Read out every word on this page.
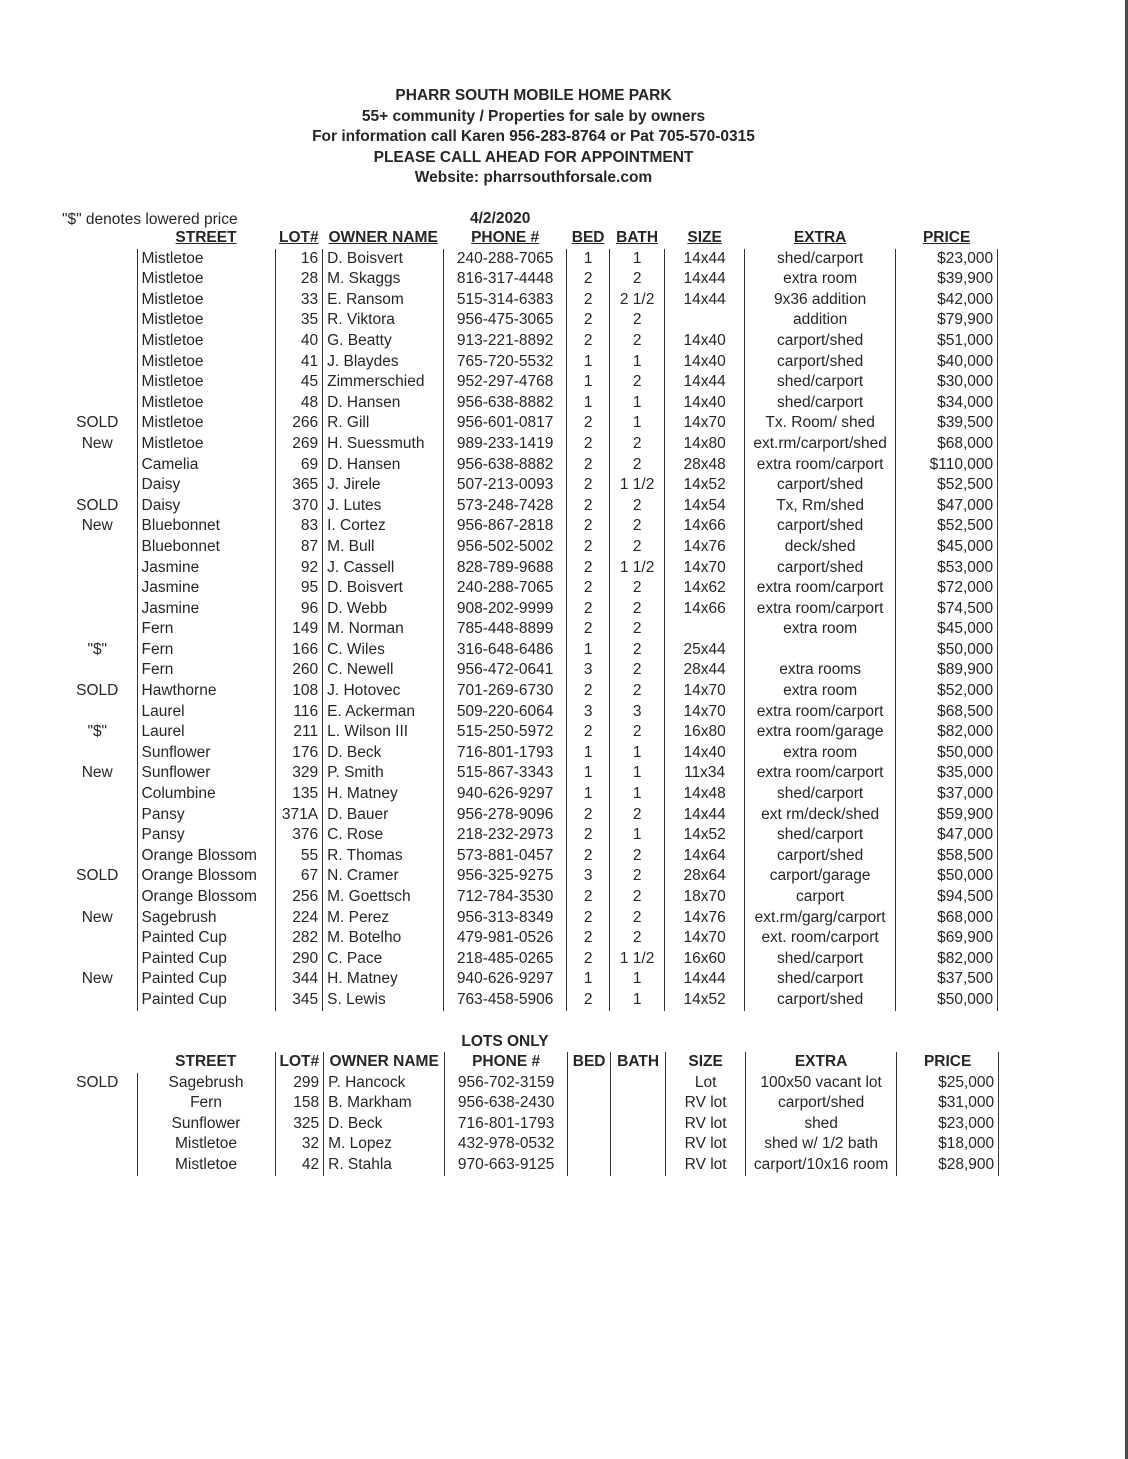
PHARR SOUTH MOBILE HOME PARK
55+ community / Properties for sale by owners
For information call Karen 956-283-8764 or Pat 705-570-0315
PLEASE CALL AHEAD FOR APPOINTMENT
Website: pharrsouthforsale.com
"$" denotes lowered price	4/2/2020
	STREET	LOT#	OWNER NAME	PHONE #	BED	BATH	SIZE	EXTRA	PRICE	
	Mistletoe	16	D. Boisvert	240-288-7065	1	1	14x44	shed/carport	$23,000	
	Mistletoe	28	M. Skaggs	816-317-4448	2	2	14x44	extra room	$39,900	
	Mistletoe	33	E. Ransom	515-314-6383	2	2 1/2	14x44	9x36 addition	$42,000	
	Mistletoe	35	R. Viktora	956-475-3065	2	2		addition	$79,900	
	Mistletoe	40	G. Beatty	913-221-8892	2	2	14x40	carport/shed	$51,000	
	Mistletoe	41	J. Blaydes	765-720-5532	1	1	14x40	carport/shed	$40,000	
	Mistletoe	45	Zimmerschied	952-297-4768	1	2	14x44	shed/carport	$30,000	
	Mistletoe	48	D. Hansen	956-638-8882	1	1	14x40	shed/carport	$34,000	
SOLD	Mistletoe	266	R. Gill	956-601-0817	2	1	14x70	Tx. Room/ shed	$39,500	
New	Mistletoe	269	H. Suessmuth	989-233-1419	2	2	14x80	ext.rm/carport/shed	$68,000	
	Camelia	69	D. Hansen	956-638-8882	2	2	28x48	extra room/carport	$110,000	
	Daisy	365	J. Jirele	507-213-0093	2	1 1/2	14x52	carport/shed	$52,500	
SOLD	Daisy	370	J. Lutes	573-248-7428	2	2	14x54	Tx, Rm/shed	$47,000	
New	Bluebonnet	83	I. Cortez	956-867-2818	2	2	14x66	carport/shed	$52,500	
	Bluebonnet	87	M. Bull	956-502-5002	2	2	14x76	deck/shed	$45,000	
	Jasmine	92	J. Cassell	828-789-9688	2	1 1/2	14x70	carport/shed	$53,000	
	Jasmine	95	D. Boisvert	240-288-7065	2	2	14x62	extra room/carport	$72,000	
	Jasmine	96	D. Webb	908-202-9999	2	2	14x66	extra room/carport	$74,500	
	Fern	149	M. Norman	785-448-8899	2	2		extra room	$45,000	
"$"	Fern	166	C. Wiles	316-648-6486	1	2	25x44		$50,000	
	Fern	260	C. Newell	956-472-0641	3	2	28x44	extra rooms	$89,900	
SOLD	Hawthorne	108	J. Hotovec	701-269-6730	2	2	14x70	extra room	$52,000	
	Laurel	116	E. Ackerman	509-220-6064	3	3	14x70	extra room/carport	$68,500	
"$"	Laurel	211	L. Wilson III	515-250-5972	2	2	16x80	extra room/garage	$82,000	
	Sunflower	176	D. Beck	716-801-1793	1	1	14x40	extra room	$50,000	
New	Sunflower	329	P. Smith	515-867-3343	1	1	11x34	extra room/carport	$35,000	
	Columbine	135	H. Matney	940-626-9297	1	1	14x48	shed/carport	$37,000	
	Pansy	371A	D. Bauer	956-278-9096	2	2	14x44	ext rm/deck/shed	$59,900	
	Pansy	376	C. Rose	218-232-2973	2	1	14x52	shed/carport	$47,000	
	Orange Blossom	55	R. Thomas	573-881-0457	2	2	14x64	carport/shed	$58,500	
SOLD	Orange Blossom	67	N. Cramer	956-325-9275	3	2	28x64	carport/garage	$50,000	
	Orange Blossom	256	M. Goettsch	712-784-3530	2	2	18x70	carport	$94,500	
New	Sagebrush	224	M. Perez	956-313-8349	2	2	14x76	ext.rm/garg/carport	$68,000	
	Painted Cup	282	M. Botelho	479-981-0526	2	2	14x70	ext. room/carport	$69,900	
	Painted Cup	290	C. Pace	218-485-0265	2	1 1/2	16x60	shed/carport	$82,000	
New	Painted Cup	344	H. Matney	940-626-9297	1	1	14x44	shed/carport	$37,500	
	Painted Cup	345	S. Lewis	763-458-5906	2	1	14x52	carport/shed	$50,000	
LOTS ONLY
	STREET	LOT#	OWNER NAME	PHONE #	BED	BATH	SIZE	EXTRA	PRICE	
SOLD	Sagebrush	299	P. Hancock	956-702-3159			Lot	100x50 vacant lot	$25,000	
	Fern	158	B. Markham	956-638-2430			RV lot	carport/shed	$31,000	
	Sunflower	325	D. Beck	716-801-1793			RV lot	shed	$23,000	
	Mistletoe	32	M. Lopez	432-978-0532			RV lot	shed w/ 1/2 bath	$18,000	
	Mistletoe	42	R. Stahla	970-663-9125			RV lot	carport/10x16 room	$28,900	
